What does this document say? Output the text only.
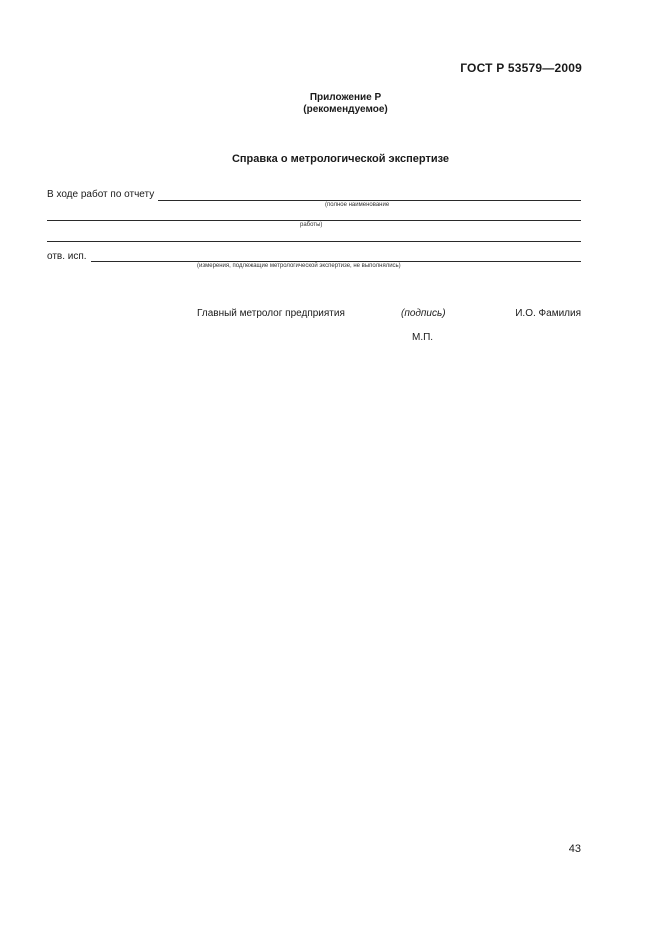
ГОСТ Р 53579—2009
Приложение Р
(рекомендуемое)
Справка о метрологической экспертизе
В ходе работ по отчету
(полное наименование
работы)
отв. исп.
(измерения, подлежащие метрологической экспертизе, не выполнялись)
Главный метролог предприятия	(подпись)	И.О. Фамилия
М.П.
43
